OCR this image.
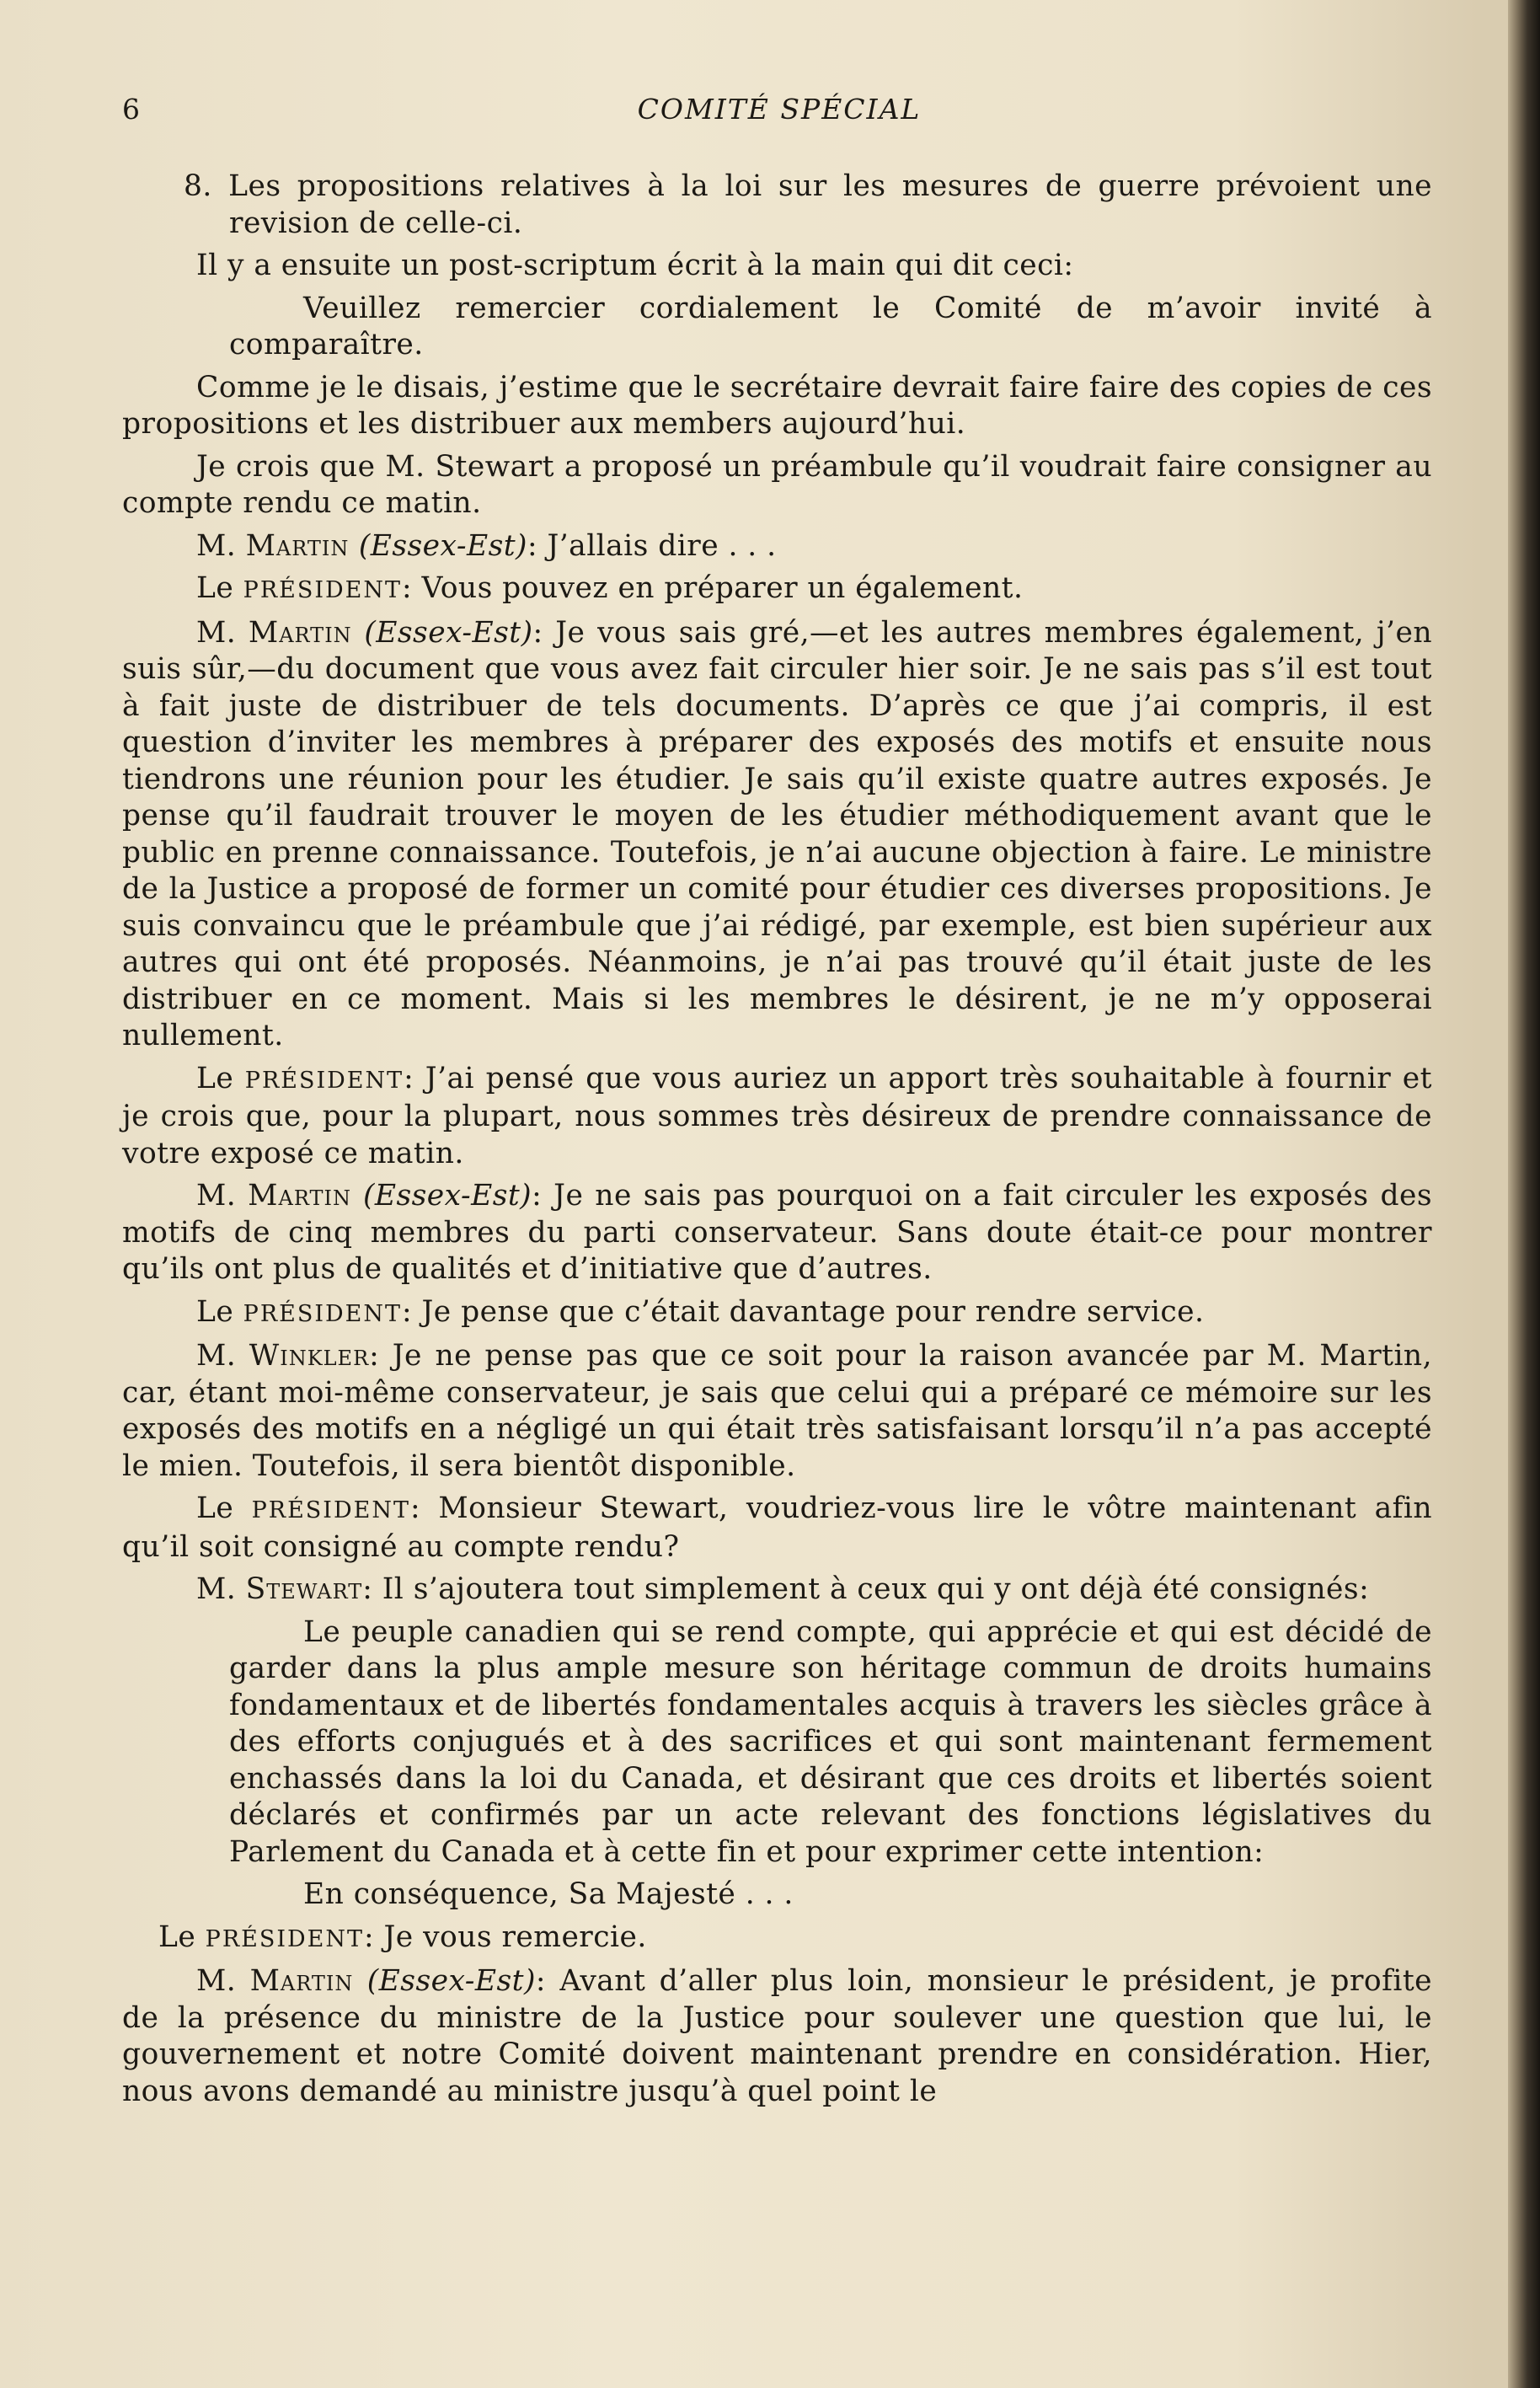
6	COMITÉ SPÉCIAL

8. Les propositions relatives à la loi sur les mesures de guerre prévoient une revision de celle-ci.

Il y a ensuite un post-scriptum écrit à la main qui dit ceci:

Veuillez remercier cordialement le Comité de m’avoir invité à comparaître.

Comme je le disais, j’estime que le secrétaire devrait faire faire des copies de ces propositions et les distribuer aux members aujourd’hui.

Je crois que M. Stewart a proposé un préambule qu’il voudrait faire consigner au compte rendu ce matin.

M. Martin (Essex-Est): J’allais dire . . .

Le PRÉSIDENT: Vous pouvez en préparer un également.

M. Martin (Essex-Est): Je vous sais gré,—et les autres membres également, j’en suis sûr,—du document que vous avez fait circuler hier soir. Je ne sais pas s’il est tout à fait juste de distribuer de tels documents. D’après ce que j’ai compris, il est question d’inviter les membres à préparer des exposés des motifs et ensuite nous tiendrons une réunion pour les étudier. Je sais qu’il existe quatre autres exposés. Je pense qu’il faudrait trouver le moyen de les étudier méthodiquement avant que le public en prenne connaissance. Toutefois, je n’ai aucune objection à faire. Le ministre de la Justice a proposé de former un comité pour étudier ces diverses propositions. Je suis convaincu que le préambule que j’ai rédigé, par exemple, est bien supérieur aux autres qui ont été proposés. Néanmoins, je n’ai pas trouvé qu’il était juste de les distribuer en ce moment. Mais si les membres le désirent, je ne m’y opposerai nullement.

Le PRÉSIDENT: J’ai pensé que vous auriez un apport très souhaitable à fournir et je crois que, pour la plupart, nous sommes très désireux de prendre connaissance de votre exposé ce matin.

M. Martin (Essex-Est): Je ne sais pas pourquoi on a fait circuler les exposés des motifs de cinq membres du parti conservateur. Sans doute était-ce pour montrer qu’ils ont plus de qualités et d’initiative que d’autres.

Le PRÉSIDENT: Je pense que c’était davantage pour rendre service.

M. Winkler: Je ne pense pas que ce soit pour la raison avancée par M. Martin, car, étant moi-même conservateur, je sais que celui qui a préparé ce mémoire sur les exposés des motifs en a négligé un qui était très satisfaisant lorsqu’il n’a pas accepté le mien. Toutefois, il sera bientôt disponible.

Le PRÉSIDENT: Monsieur Stewart, voudriez-vous lire le vôtre maintenant afin qu’il soit consigné au compte rendu?

M. Stewart: Il s’ajoutera tout simplement à ceux qui y ont déjà été consignés:

Le peuple canadien qui se rend compte, qui apprécie et qui est décidé de garder dans la plus ample mesure son héritage commun de droits humains fondamentaux et de libertés fondamentales acquis à travers les siècles grâce à des efforts conjugués et à des sacrifices et qui sont maintenant fermement enchassés dans la loi du Canada, et désirant que ces droits et libertés soient déclarés et confirmés par un acte relevant des fonctions législatives du Parlement du Canada et à cette fin et pour exprimer cette intention:

En conséquence, Sa Majesté . . .

Le PRÉSIDENT: Je vous remercie.

M. Martin (Essex-Est): Avant d’aller plus loin, monsieur le président, je profite de la présence du ministre de la Justice pour soulever une question que lui, le gouvernement et notre Comité doivent maintenant prendre en considération. Hier, nous avons demandé au ministre jusqu’à quel point le
